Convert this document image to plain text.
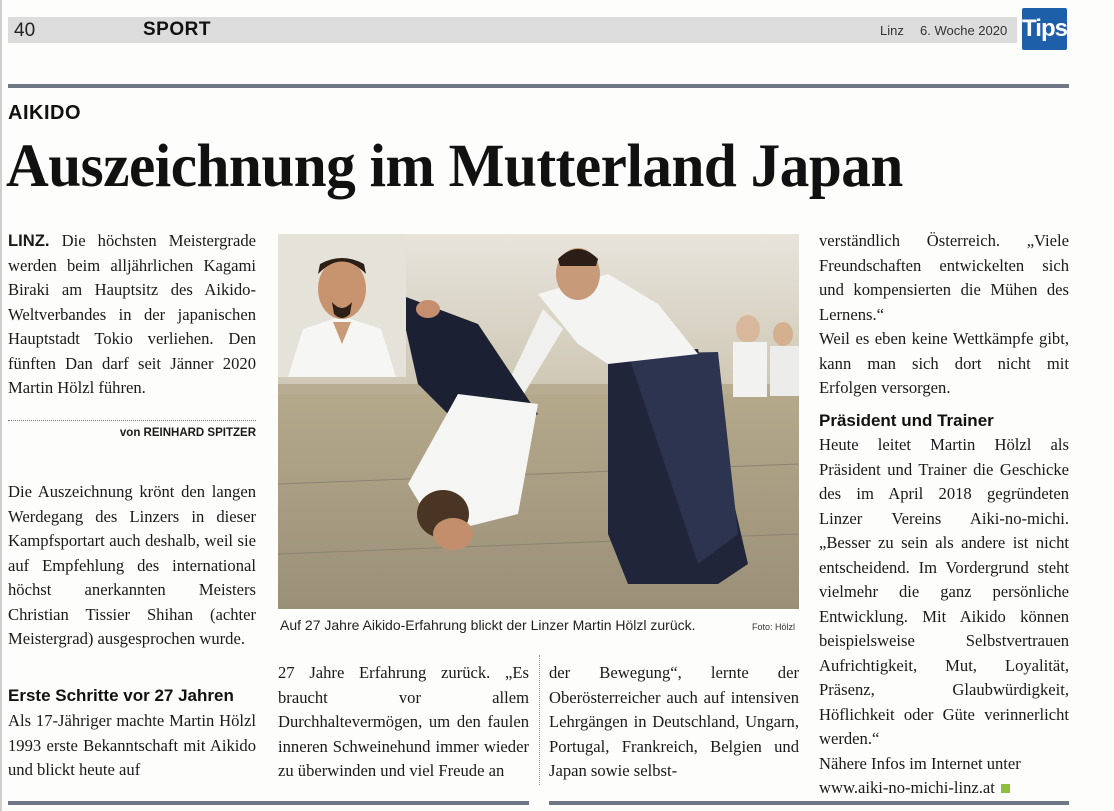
40	SPORT	Linz 6. Woche 2020 Tips
AIKIDO
Auszeichnung im Mutterland Japan

LINZ. Die höchsten Meistergrade werden beim alljährlichen Kagami Biraki am Hauptsitz des Aikido-Weltverbandes in der japanischen Hauptstadt Tokio verliehen. Den fünften Dan darf seit Jänner 2020 Martin Hölzl führen.

von REINHARD SPITZER

Die Auszeichnung krönt den langen Werdegang des Linzers in dieser Kampfsportart auch deshalb, weil sie auf Empfehlung des international höchst anerkannten Meisters Christian Tissier Shihan (achter Meistergrad) ausgesprochen wurde.

Erste Schritte vor 27 Jahren

Als 17-Jähriger machte Martin Hölzl 1993 erste Bekanntschaft mit Aikido und blickt heute auf

Auf 27 Jahre Aikido-Erfahrung blickt der Linzer Martin Hölzl zurück.	Foto: Hölzl

27 Jahre Erfahrung zurück. „Es braucht vor allem Durchhaltevermögen, um den faulen inneren Schweinehund immer wieder zu überwinden und viel Freude an

der Bewegung“, lernte der Oberösterreicher auch auf intensiven Lehrgängen in Deutschland, Ungarn, Portugal, Frankreich, Belgien und Japan sowie selbst-

verständlich Österreich. „Viele Freundschaften entwickelten sich und kompensierten die Mühen des Lernens.“

Weil es eben keine Wettkämpfe gibt, kann man sich dort nicht mit Erfolgen versorgen.

Präsident und Trainer

Heute leitet Martin Hölzl als Präsident und Trainer die Geschicke des im April 2018 gegründeten Linzer Vereins Aiki-no-michi. „Besser zu sein als andere ist nicht entscheidend. Im Vordergrund steht vielmehr die ganz persönliche Entwicklung. Mit Aikido können beispielsweise Selbstvertrauen Aufrichtigkeit, Mut, Loyalität, Präsenz, Glaubwürdigkeit, Höflichkeit oder Güte verinnerlicht werden.“

Nähere Infos im Internet unter www.aiki-no-michi-linz.at
